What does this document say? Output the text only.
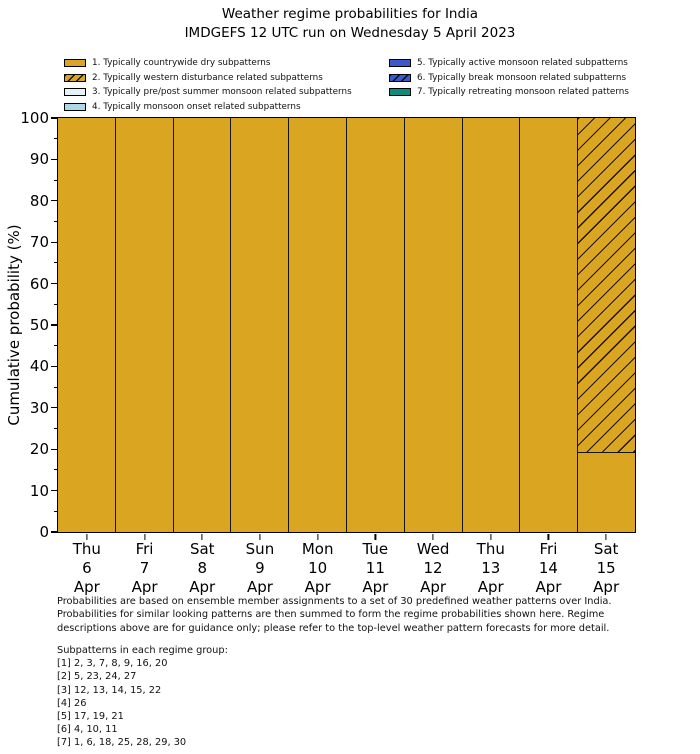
Weather regime probabilities for India
IMDGEFS 12 UTC run on Wednesday 5 April 2023
1. Typically countrywide dry subpatterns
2. Typically western disturbance related subpatterns
3. Typically pre/post summer monsoon related subpatterns
4. Typically monsoon onset related subpatterns
5. Typically active monsoon related subpatterns
6. Typically break monsoon related subpatterns
7. Typically retreating monsoon related patterns
Cumulative probability (%)
0
10
20
30
40
50
60
70
80
90
100
Thu
6
Apr
Fri
7
Apr
Sat
8
Apr
Sun
9
Apr
Mon
10
Apr
Tue
11
Apr
Wed
12
Apr
Thu
13
Apr
Fri
14
Apr
Sat
15
Apr
Probabilities are based on ensemble member assignments to a set of 30 predefined weather patterns over India.
Probabilities for similar looking patterns are then summed to form the regime probabilities shown here. Regime
descriptions above are for guidance only; please refer to the top-level weather pattern forecasts for more detail.
Subpatterns in each regime group:
[1] 2, 3, 7, 8, 9, 16, 20
[2] 5, 23, 24, 27
[3] 12, 13, 14, 15, 22
[4] 26
[5] 17, 19, 21
[6] 4, 10, 11
[7] 1, 6, 18, 25, 28, 29, 30
